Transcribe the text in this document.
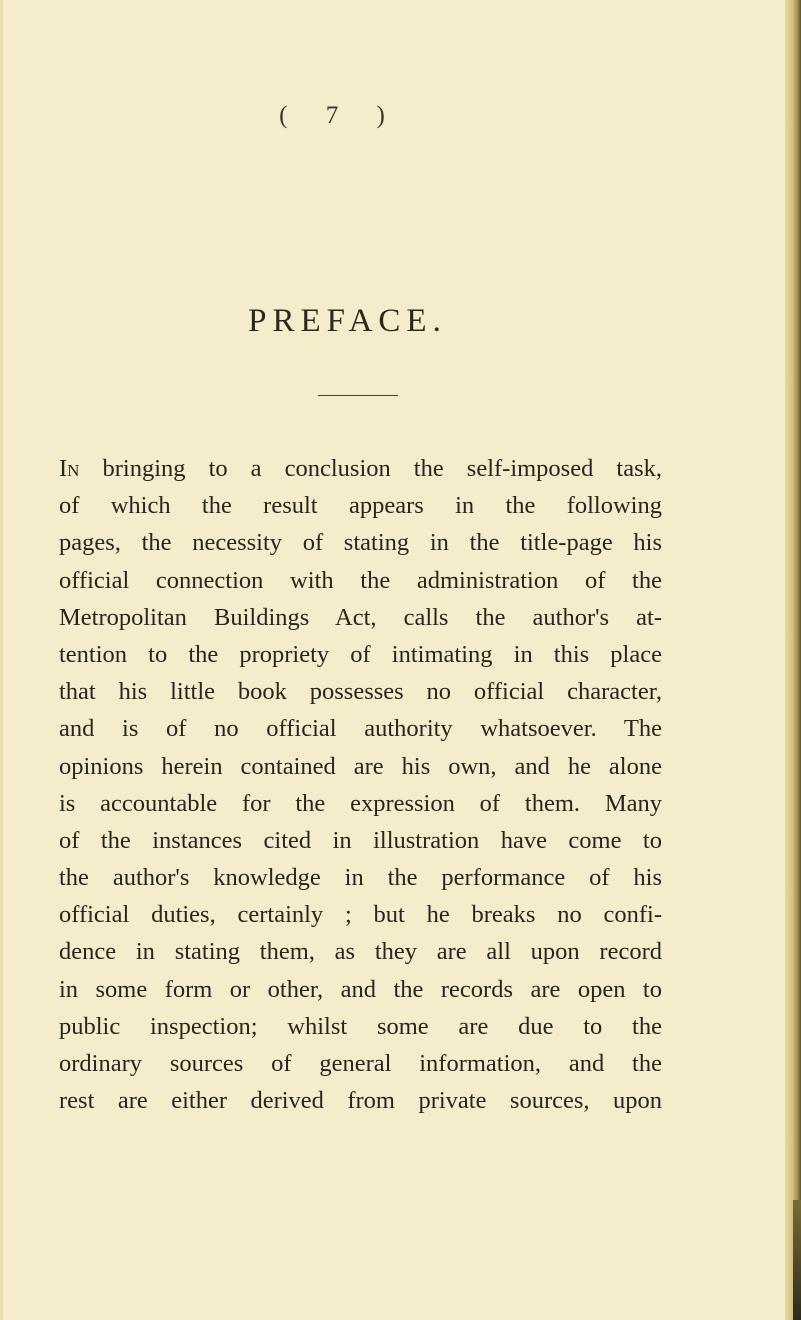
( 7 )
PREFACE.
In bringing to a conclusion the self-imposed task,
of which the result appears in the following
pages, the necessity of stating in the title-page his
official connection with the administration of the
Metropolitan Buildings Act, calls the author's at-
tention to the propriety of intimating in this place
that his little book possesses no official character,
and is of no official authority whatsoever. The
opinions herein contained are his own, and he alone
is accountable for the expression of them. Many
of the instances cited in illustration have come to
the author's knowledge in the performance of his
official duties, certainly ; but he breaks no confi-
dence in stating them, as they are all upon record
in some form or other, and the records are open to
public inspection; whilst some are due to the
ordinary sources of general information, and the
rest are either derived from private sources, upon
